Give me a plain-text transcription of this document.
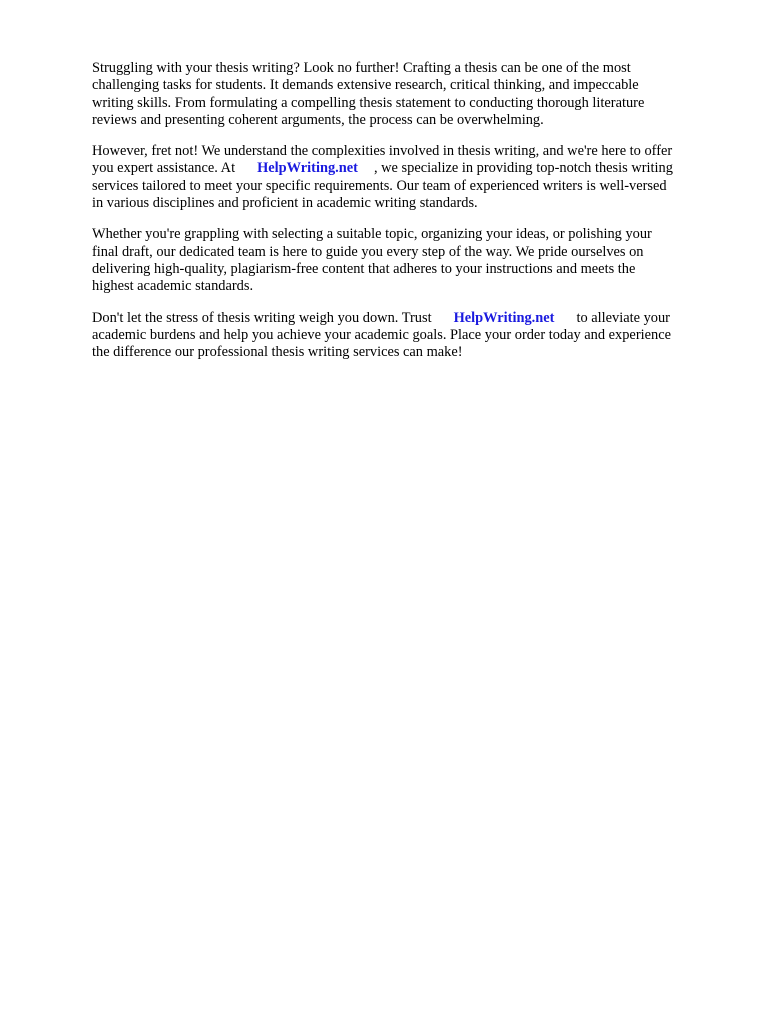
Struggling with your thesis writing? Look no further! Crafting a thesis can be one of the most
challenging tasks for students. It demands extensive research, critical thinking, and impeccable
writing skills. From formulating a compelling thesis statement to conducting thorough literature
reviews and presenting coherent arguments, the process can be overwhelming.

However, fret not! We understand the complexities involved in thesis writing, and we're here to offer
you expert assistance. At HelpWriting.net , we specialize in providing top-notch thesis writing
services tailored to meet your specific requirements. Our team of experienced writers is well-versed
in various disciplines and proficient in academic writing standards.

Whether you're grappling with selecting a suitable topic, organizing your ideas, or polishing your
final draft, our dedicated team is here to guide you every step of the way. We pride ourselves on
delivering high-quality, plagiarism-free content that adheres to your instructions and meets the
highest academic standards.

Don't let the stress of thesis writing weigh you down. Trust HelpWriting.net to alleviate your
academic burdens and help you achieve your academic goals. Place your order today and experience
the difference our professional thesis writing services can make!
